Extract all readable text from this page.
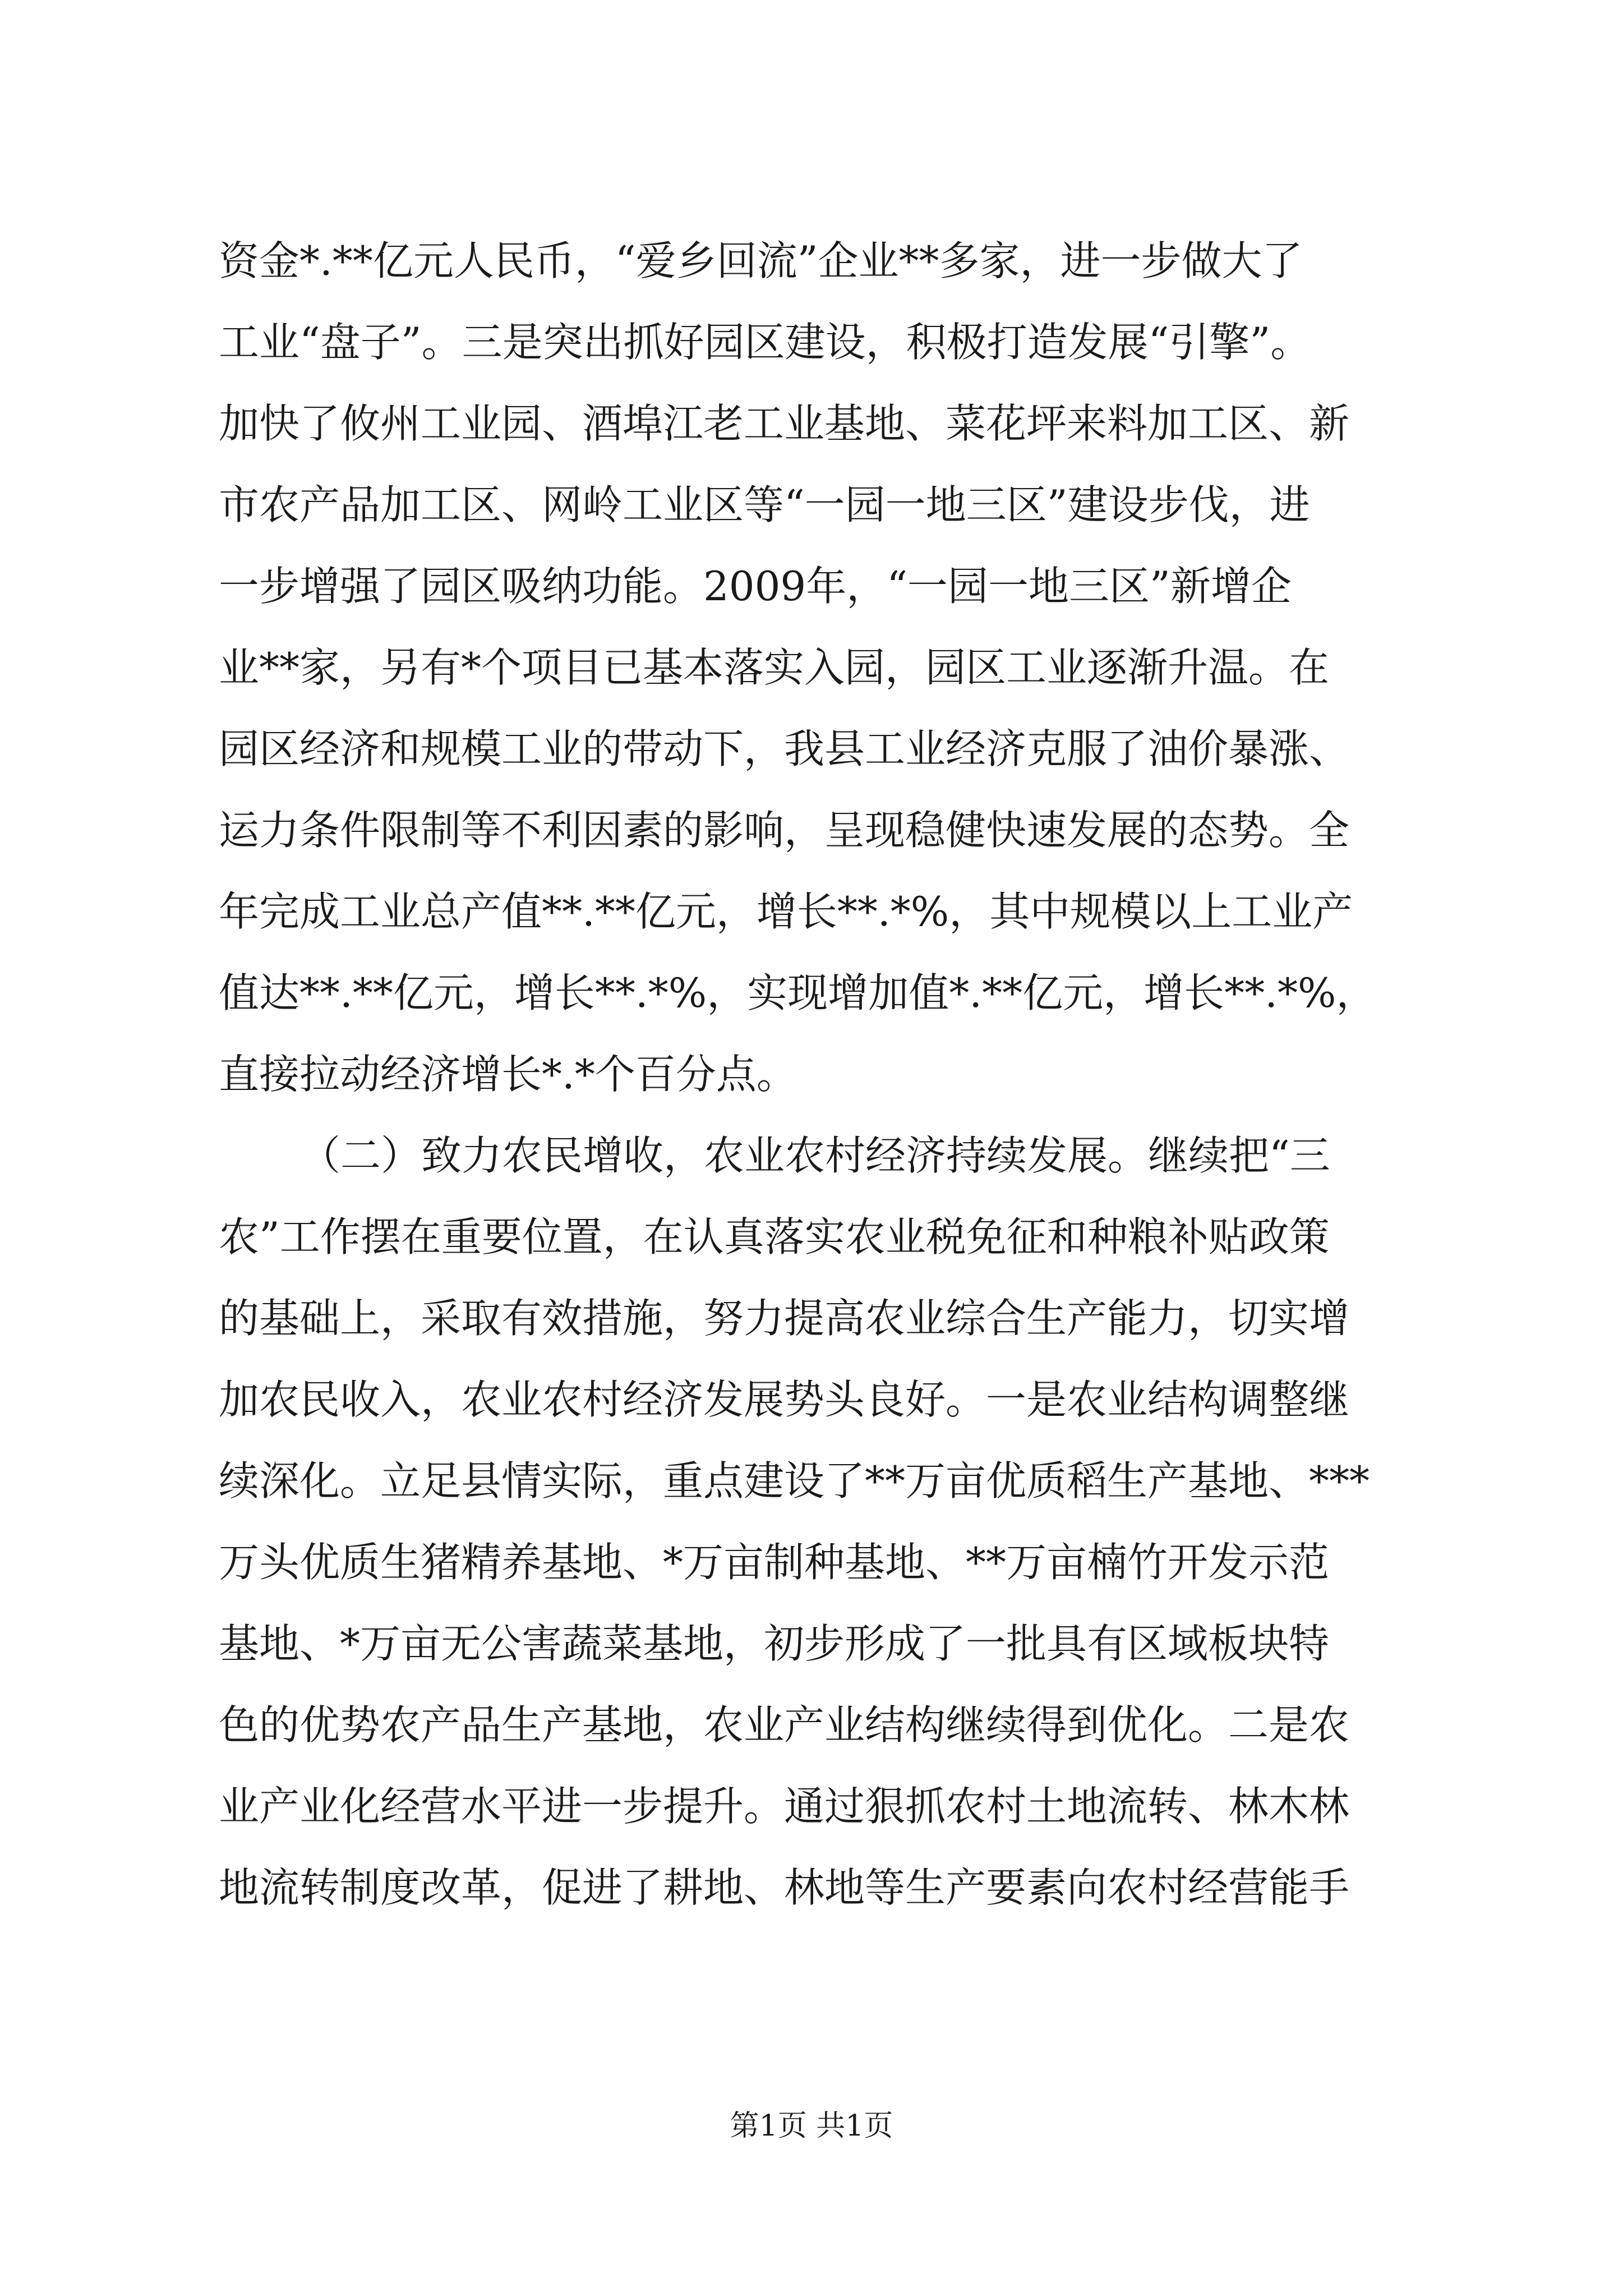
资金*.**亿元人民币，“爱乡回流”企业**多家，进一步做大了
工业“盘子”。三是突出抓好园区建设，积极打造发展“引擎”。
加快了攸州工业园、酒埠江老工业基地、菜花坪来料加工区、新
市农产品加工区、网岭工业区等“一园一地三区”建设步伐，进
一步增强了园区吸纳功能。2009年，“一园一地三区”新增企
业**家，另有*个项目已基本落实入园，园区工业逐渐升温。在
园区经济和规模工业的带动下，我县工业经济克服了油价暴涨、
运力条件限制等不利因素的影响，呈现稳健快速发展的态势。全
年完成工业总产值**.**亿元，增长**.*%，其中规模以上工业产
值达**.**亿元，增长**.*%，实现增加值*.**亿元，增长**.*%，
直接拉动经济增长*.*个百分点。
（二）致力农民增收，农业农村经济持续发展。继续把“三
农”工作摆在重要位置，在认真落实农业税免征和种粮补贴政策
的基础上，采取有效措施，努力提高农业综合生产能力，切实增
加农民收入，农业农村经济发展势头良好。一是农业结构调整继
续深化。立足县情实际，重点建设了**万亩优质稻生产基地、***
万头优质生猪精养基地、*万亩制种基地、**万亩楠竹开发示范
基地、*万亩无公害蔬菜基地，初步形成了一批具有区域板块特
色的优势农产品生产基地，农业产业结构继续得到优化。二是农
业产业化经营水平进一步提升。通过狠抓农村土地流转、林木林
地流转制度改革，促进了耕地、林地等生产要素向农村经营能手
第1页 共1页
